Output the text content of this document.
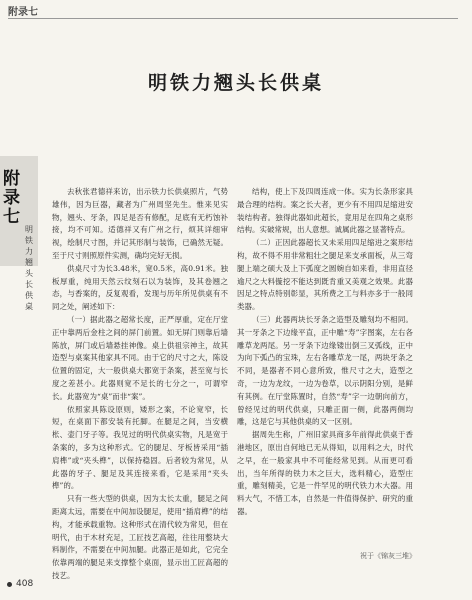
附录七
明铁力翘头长供桌
附录七
明铁力翘头长供桌

去秋张君德祥来访，出示铁力长供桌照片，气势雄伟，因为巨器，藏者为广州周坚先生。惟来见实物，翘头、牙条，四足是否有修配，足底有无朽蚀补接，均不可知。适德祥又有广州之行，烦其详细审视，绘制尺寸图，并记其形制与装饰，已确然无疑。至于尺寸则照原件实测，确均完好无损。

供桌尺寸为长3.48米，宽0.5米，高0.91米。独板厚重，纯用天然云纹刻石以为装饰，及其卷翘之态，与香案的，反复观看，发现与历年所见供桌有不同之处，阐述如下：

（一）据此器之超常长度，正严厚重，定在厅堂正中靠两后金柱之间的屏门前置。如无屏门则靠后墙陈放，屏门或后墙悬挂神像。桌上供祖宗神主，故其造型与桌案其他家具不同。由于它的尺寸之大，陈设位置的固定，大一般供桌大都宽于条案，甚至宽与长度之差甚小。此器则宽不足长的七分之一，可谓窄长。此器宽为“桌”而非“案”。

依照家具陈设原则，矮形之案，不论宽窄，长短，在桌面下都安装有托脚。在腿足之间，当安横枨、壶门牙子等。我见过的明代供桌实物，凡是宽于条案的，多为这种形式。它的腿足、牙板皆采用“插肩榫”或“夹头榫”，以保持稳固。后者较为常见，从此器的牙子、腿足及其连接来看，它是采用“夹头榫”的。

只有一些大型的供桌，因为太长太重，腿足之间距离太远，需要在中间加设腿足，使用“插肩榫”的结构，才能承载重物。这种形式在清代较为常见，但在明代，由于木材充足，工匠技艺高超，往往用整块大料制作，不需要在中间加腿。此器正是如此，它完全依靠两端的腿足来支撑整个桌面，显示出工匠高超的技艺。

结构，使上下及四周连成一体。实为长条形家具最合理的结构。案之长大者，更少有不用四足缩进安装结构者。独得此器如此超长，竟用足在四角之桌形结构。实破常规，出人意想。诚属此器之显著特点。

（二）正因此器超长又未采用四足缩进之案形结构，故不得不用非常粗壮之腿足来支承面板，从三弯腿上端之硕大及上下弧度之圆婉自如来看，非用直径逾尺之大料镟挖不能达到既肯重又美观之效果。此器因足之特点特别彰显，其所费之工与料亦多于一般同类器。

（三）此器两块长牙条之造型及雕刻均不相同。其一牙条之下边缘平直，正中雕“寿”字图案，左右各雕草龙两尾。另一牙条下边缘镂出倒三叉弧线，正中为向下弧凸的宝珠，左右各雕草龙一尾，两块牙条之不同，是器者不同心意所致，惟尺寸之大，造型之奇，一边为龙纹，一边为卷草，以示阴阳分别，是鲜有其例。在厅堂陈置时，自然“寿”字一边朝向前方，曾经见过的明代供桌，只雕正面一侧，此器两侧均雕，这是它与其他供桌的又一区别。

据周先生称，广州旧家具商多年前得此供桌于香港地区，原出自何地已无从得知，以用料之大，时代之早，在一般家具中不可能经常见到。从而更可看出，当年所得的铁力木之巨大，选料精心，造型庄重，雕刻精美，它是一件罕见的明代铁力木大器。用料大气，不惜工本，自然是一件值得保护、研究的重器。

祝于《锦灰三堆》
408
